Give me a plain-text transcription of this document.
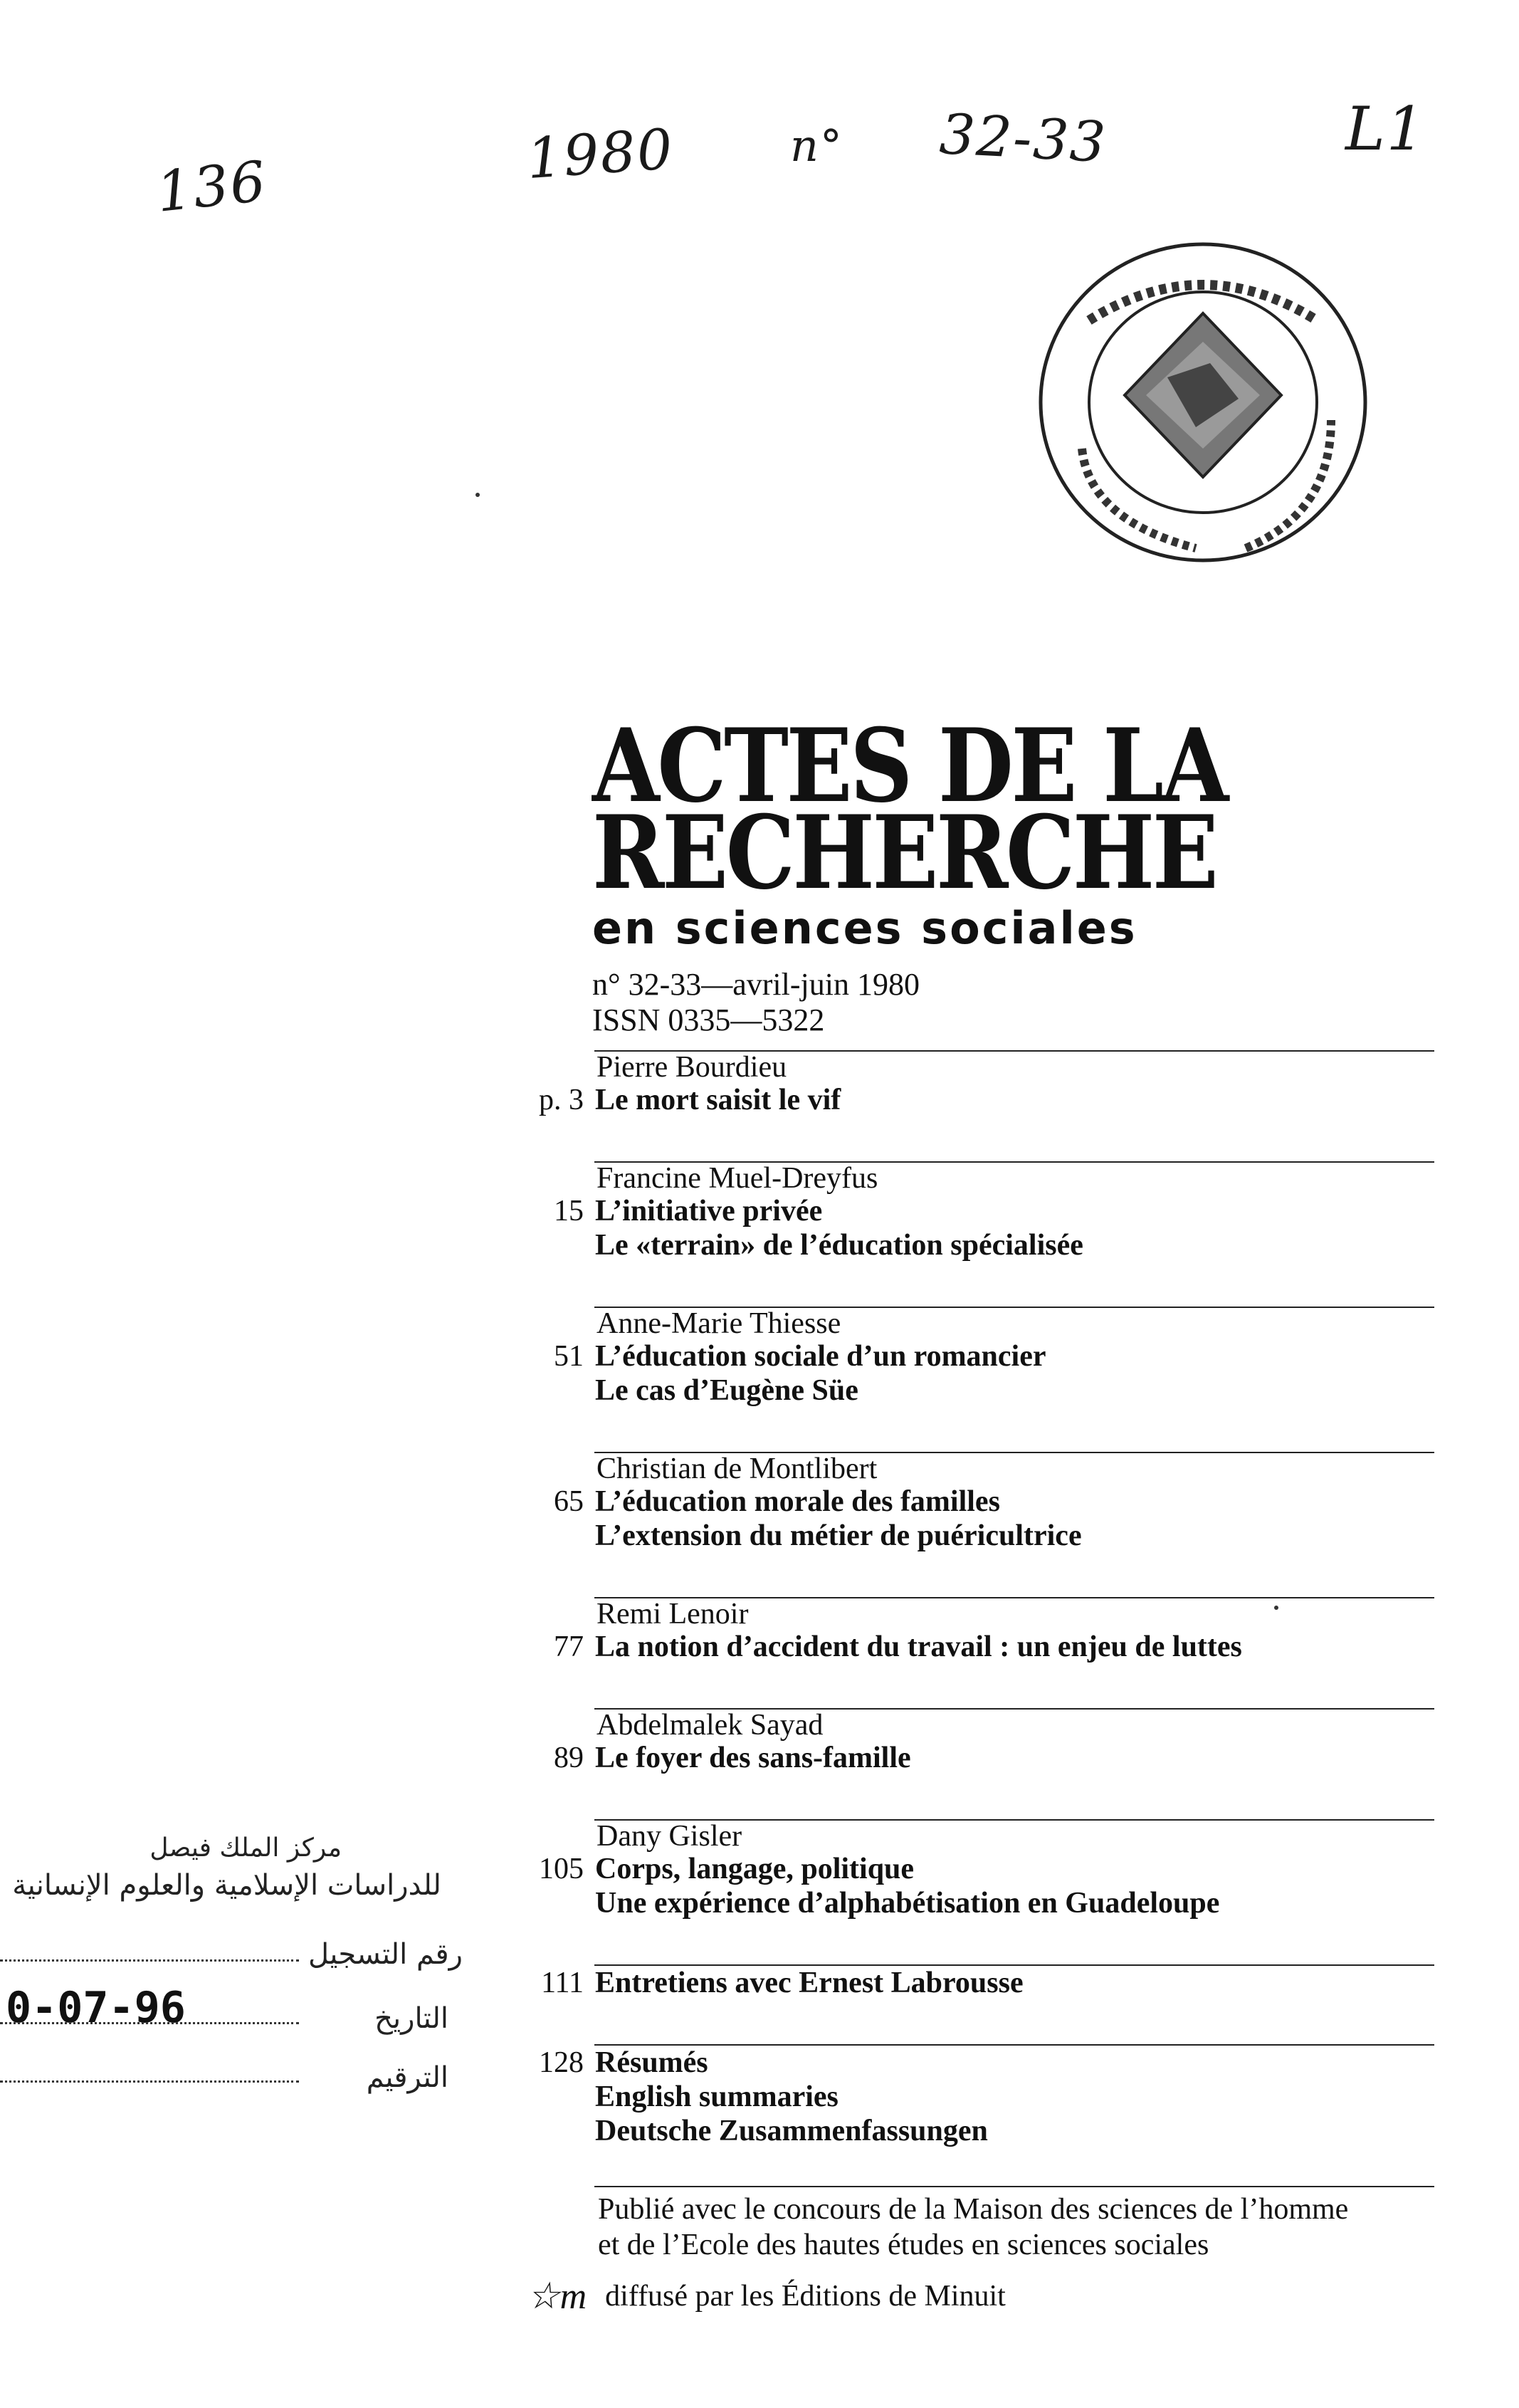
136	1980	n° 32-33	L1
ACTES DE LA
RECHERCHE
en sciences sociales
n° 32-33—avril-juin 1980
ISSN 0335—5322
Pierre Bourdieu
p. 3 Le mort saisit le vif
Francine Muel-Dreyfus
15 L’initiative privée
Le «terrain» de l’éducation spécialisée
Anne-Marie Thiesse
51 L’éducation sociale d’un romancier
Le cas d’Eugène Süe
Christian de Montlibert
65 L’éducation morale des familles
L’extension du métier de puéricultrice
Remi Lenoir
77 La notion d’accident du travail : un enjeu de luttes
Abdelmalek Sayad
89 Le foyer des sans-famille
Dany Gisler
105 Corps, langage, politique
Une expérience d’alphabétisation en Guadeloupe
111 Entretiens avec Ernest Labrousse
128 Résumés
English summaries
Deutsche Zusammenfassungen
Publié avec le concours de la Maison des sciences de l’homme
et de l’Ecole des hautes études en sciences sociales
☆m diffusé par les Éditions de Minuit
مركز الملك فيصل
للدراسات الإسلامية والعلوم الإنسانية
رقم التسجيل
0-07-96	التاريخ
الترقيم
